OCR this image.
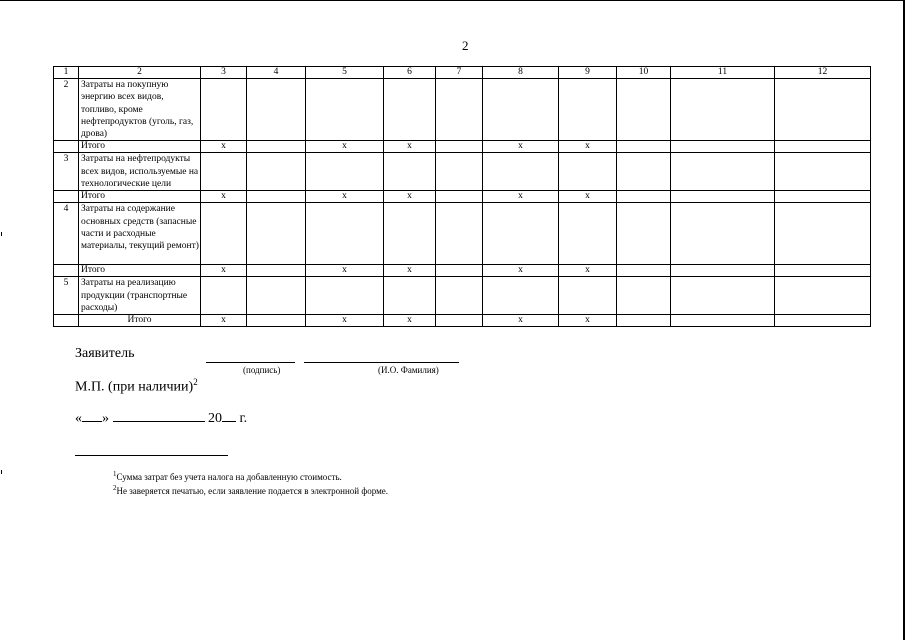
2
1	2	3	4	5	6	7	8	9	10	11	12
2	Затраты на покупную энергию всех видов, топливо, кроме нефтепродуктов (уголь, газ, дрова)										
	Итого	x		x	x		x	x			
3	Затраты на нефтепродукты всех видов, используемые на технологические цели										
	Итого	x		x	x		x	x			
4	Затраты на содержание основных средств (запасные части и расходные материалы, текущий ремонт)										
	Итого	x		x	x		x	x			
5	Затраты на реализацию продукции (транспортные расходы)										
	Итого	x		x	x		x	x			
Заявитель
(подпись)	(И.О. Фамилия)
М.П. (при наличии)$^2$
« »	20 г.
$^1$Сумма затрат без учета налога на добавленную стоимость.
$^2$Не заверяется печатью, если заявление подается в электронной форме.
